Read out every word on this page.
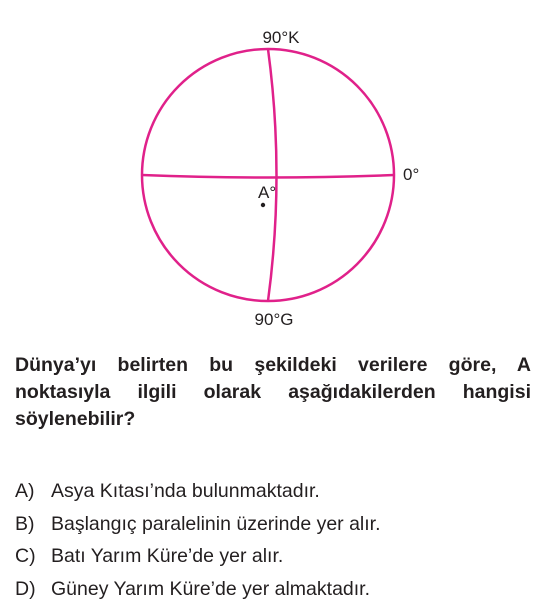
90°K
90°G
0°
A°

Dünya’yı belirten bu şekildeki verilere göre, A noktasıyla ilgili olarak aşağıdakilerden hangisi söylenebilir?

A) Asya Kıtası’nda bulunmaktadır.
B) Başlangıç paralelinin üzerinde yer alır.
C) Batı Yarım Küre’de yer alır.
D) Güney Yarım Küre’de yer almaktadır.
